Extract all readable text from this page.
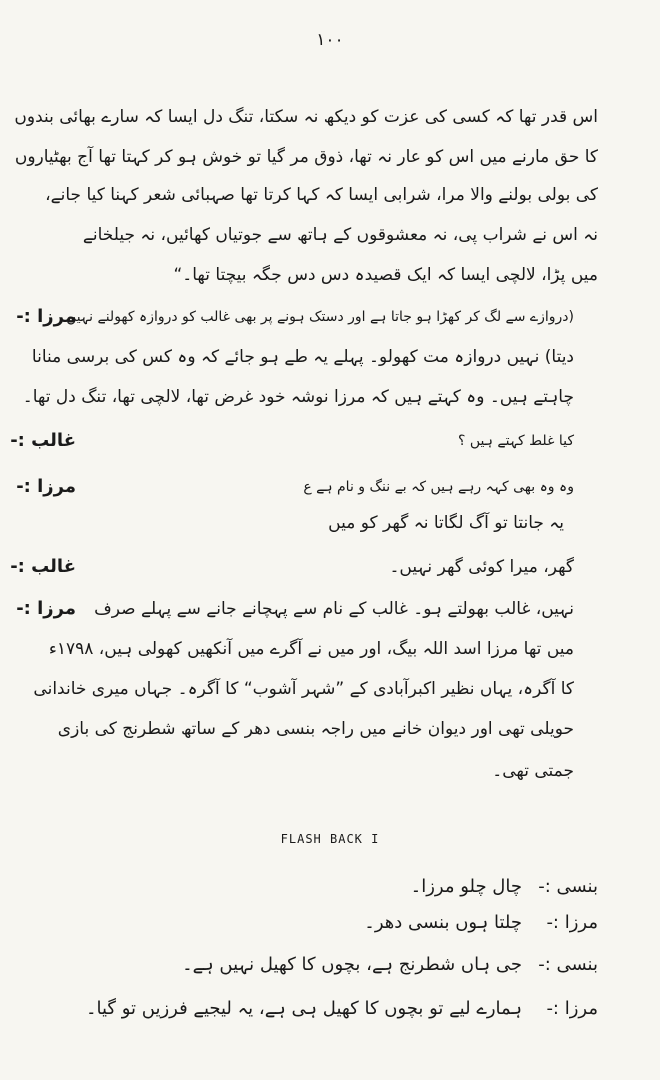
۱۰۰
اس قدر تھا کہ کسی کی عزت کو دیکھ نہ سکتا، تنگ دل ایسا کہ سارے بھائی بندوں
کا حق مارنے میں اس کو عار نہ تھا، ذوق مر گیا تو خوش ہو کر کہتا تھا آج بھٹیاروں
کی بولی بولنے والا مرا، شرابی ایسا کہ کہا کرتا تھا صہبائی شعر کہنا کیا جانے،
نہ اس نے شراب پی، نہ معشوقوں کے ہاتھ سے جوتیاں کھائیں، نہ جیلخانے
میں پڑا، لالچی ایسا کہ ایک قصیدہ دس دس جگہ بیچتا تھا۔“
مرزا :-
(دروازے سے لگ کر کھڑا ہو جاتا ہے اور دستک ہونے پر بھی غالب کو دروازہ کھولنے نہیں
دیتا) نہیں دروازہ مت کھولو۔ پہلے یہ طے ہو جائے کہ وہ کس کی برسی منانا
چاہتے ہیں۔ وہ کہتے ہیں کہ مرزا نوشہ خود غرض تھا، لالچی تھا، تنگ دل تھا۔
غالب :-	کیا غلط کہتے ہیں ؟
مرزا :-	وہ وہ بھی کہہ رہے ہیں کہ بے ننگ و نام ہے ع
یہ جانتا تو آگ لگاتا نہ گھر کو میں
غالب :-	گھر، میرا کوئی گھر نہیں۔
مرزا :- نہیں، غالب بھولتے ہو۔ غالب کے نام سے پہچانے جانے سے پہلے صرف
میں تھا مرزا اسد اللہ بیگ، اور میں نے آگرے میں آنکھیں کھولی ہیں، ۱۷۹۸ء
کا آگرہ، یہاں نظیر اکبرآبادی کے ”شہر آشوب“ کا آگرہ۔ جہاں میری خاندانی
حویلی تھی اور دیوان خانے میں راجہ بنسی دھر کے ساتھ شطرنج کی بازی
جمتی تھی۔
FLASH BACK I
بنسی :-
چال چلو مرزا۔
مرزا :-
چلتا ہوں بنسی دھر۔
بنسی :-
جی ہاں شطرنج ہے، بچوں کا کھیل نہیں ہے۔
مرزا :-
ہمارے لیے تو بچوں کا کھیل ہی ہے، یہ لیجیے فرزیں تو گیا۔
